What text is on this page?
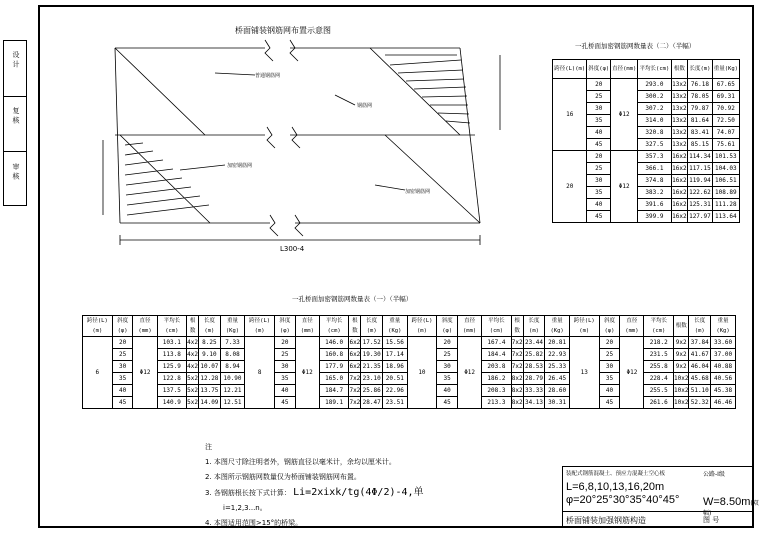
设 计
复 核
审 核
桥面铺装钢筋网布置示意图
普通钢筋网
钢筋网
加密钢筋网
加密钢筋网
L300-4
一孔桥面加密钢筋网数量表（二）（半幅）
跨径(L)(m)	斜度(φ)	直径(mm)	平均长(cm)	根数	长度(m)	重量(Kg)
16	20	Φ12	293.0	13x2	76.18	67.65
	25		300.2	13x2	78.05	69.31
	30		307.2	13x2	79.87	70.92
	35		314.0	13x2	81.64	72.50
	40		320.8	13x2	83.41	74.07
	45		327.5	13x2	85.15	75.61
20	20	Φ12	357.3	16x2	114.34	101.53
	25		366.1	16x2	117.15	104.03
	30		374.8	16x2	119.94	106.51
	35		383.2	16x2	122.62	108.89
	40		391.6	16x2	125.31	111.28
	45		399.9	16x2	127.97	113.64
一孔桥面加密钢筋网数量表（一）（半幅）
跨径(L)(m)	斜度(φ)	直径(mm)	平均长(cm)	根数	长度(m)	重量(Kg)	跨径(L)(m)	斜度(φ)	直径(mm)	平均长(cm)	根数	长度(m)	重量(Kg)	跨径(L)(m)	斜度(φ)	直径(mm)	平均长(cm)	根数	长度(m)	重量(Kg)	跨径(L)(m)	斜度(φ)	直径(mm)	平均长(cm)	根数	长度(m)	重量(Kg)
6	20	Φ12	103.1	4x2	8.25	7.33	8	20	Φ12	146.0	6x2	17.52	15.56	10	20	Φ12	167.4	7x2	23.44	20.81	13	20	Φ12	218.2	9x2	37.84	33.60
	25		113.8	4x2	9.10	8.08		25		160.8	6x2	19.30	17.14		25		184.4	7x2	25.82	22.93		25		231.5	9x2	41.67	37.00
	30		125.9	4x2	10.07	8.94		30		177.9	6x2	21.35	18.96		30		203.8	7x2	28.53	25.33		30		255.8	9x2	46.04	40.88
	35		122.8	5x2	12.28	10.90		35		165.0	7x2	23.10	20.51		35		186.2	8x2	28.79	26.45		35		228.4	10x2	45.68	40.56
	40		137.5	5x2	13.75	12.21		40		184.7	7x2	25.86	22.96		40		208.3	8x2	33.33	28.60		40		255.5	10x2	51.10	45.38
	45		140.9	5x2	14.09	12.51		45		189.1	7x2	28.47	23.51		45		213.3	8x2	34.13	30.31		45		261.6	10x2	52.32	46.46
注
1. 本图尺寸除注明者外，钢筋直径以毫米计，余均以厘米计。
2. 本图所示钢筋网数量仅为桥面铺装钢筋网布置。
3. 各钢筋根长按下式计算： Li=2xixk/tg(4Φ/2)-4,单
i=1,2,3...n。
4. 本图适用范围>15°的桥梁。
装配式钢筋混凝土、预应力混凝土空心板	公路-I级
L=6,8,10,13,16,20m
φ=20°25°30°35°40°45° W=8.50m(双幅)
桥面铺装加强钢筋构造	图 号
